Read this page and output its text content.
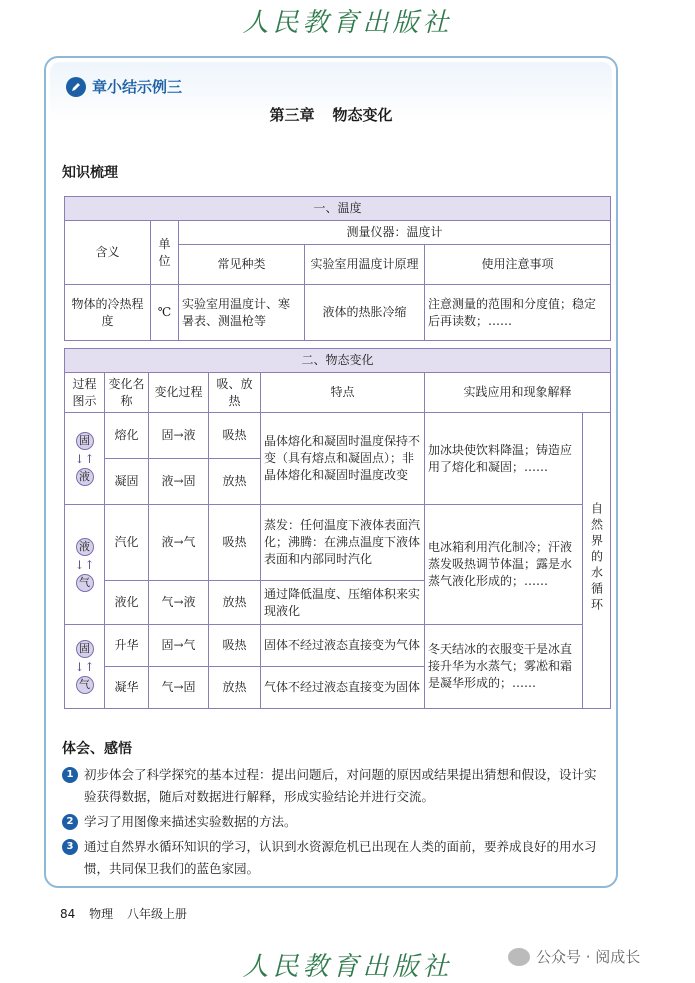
人民教育出版社
章小结示例三
第三章 物态变化
知识梳理
一、温度				
含义	单位	测量仪器：温度计		
		常见种类	实验室用温度计原理	使用注意事项
物体的冷热程度	℃	实验室用温度计、寒暑表、测温枪等	液体的热胀冷缩	注意测量的范围和分度值；稳定后再读数；……
二、物态变化						
过程图示	变化名称	变化过程	吸、放热	特点	实践应用和现象解释	

固
↓↑
液	熔化	固→液	吸热	晶体熔化和凝固时温度保持不变（具有熔点和凝固点）；非晶体熔化和凝固时温度改变	加冰块使饮料降温；铸造应用了熔化和凝固；……	自然界的水循环
	凝固	液→固	放热			

液
↓↑
气	汽化	液→气	吸热	蒸发：任何温度下液体表面汽化；沸腾：在沸点温度下液体表面和内部同时汽化	电冰箱利用汽化制冷；汗液蒸发吸热调节体温；露是水蒸气液化形成的；……	
	液化	气→液	放热	通过降低温度、压缩体积来实现液化		

固
↓↑
气	升华	固→气	吸热	固体不经过液态直接变为气体	冬天结冰的衣服变干是冰直接升华为水蒸气；雾凇和霜是凝华形成的；……	
	凝华	气→固	放热	气体不经过液态直接变为固体		
体会、感悟
1 初步体会了科学探究的基本过程：提出问题后，对问题的原因或结果提出猜想和假设，设计实验获得数据，随后对数据进行解释，形成实验结论并进行交流。
2 学习了用图像来描述实验数据的方法。
3 通过自然界水循环知识的学习，认识到水资源危机已出现在人类的面前，要养成良好的用水习惯，共同保卫我们的蓝色家园。
84 物理 八年级上册
人民教育出版社	公众号 · 阅成长
